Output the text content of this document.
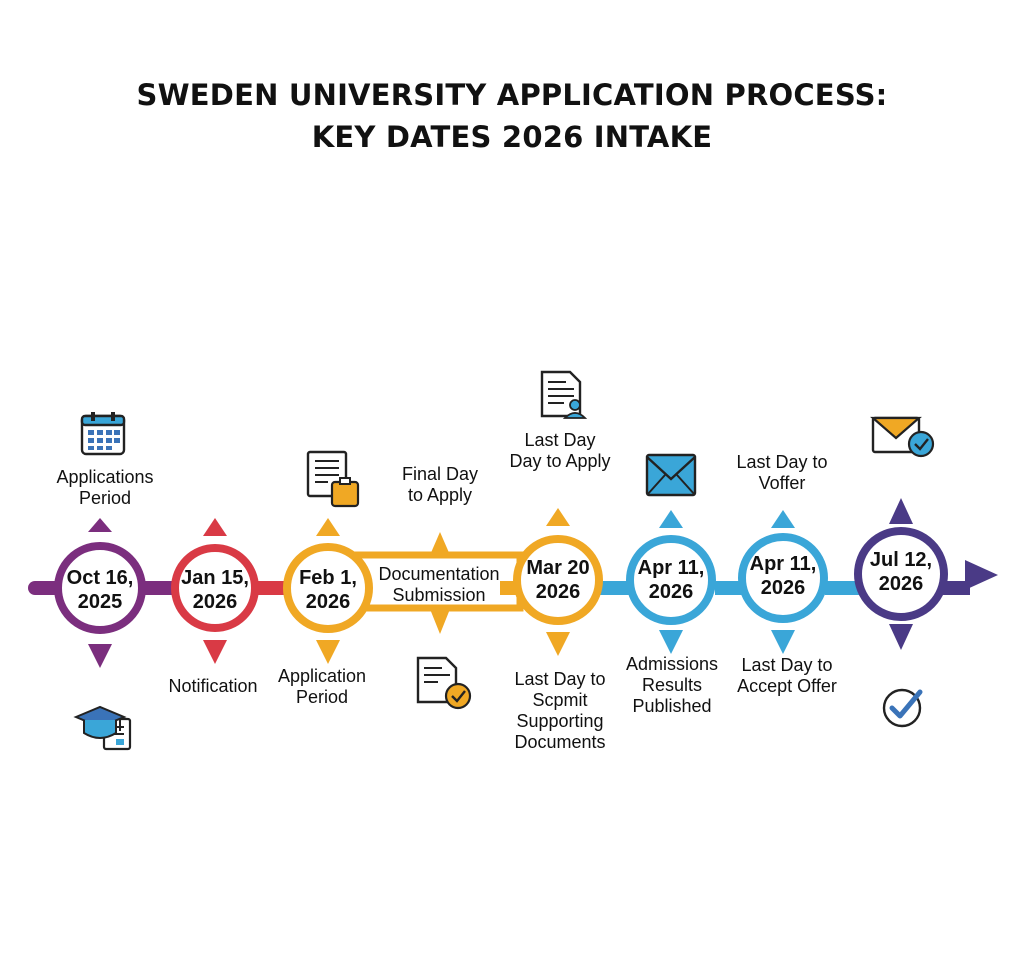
SWEDEN UNIVERSITY APPLICATION PROCESS:
KEY DATES 2026 INTAKE
Oct 16,
2025
Jan 15,
2026
Feb 1,
2026
Mar 20
2026
Apr 11,
2026
Apr 11,
2026
Jul 12,
2026
Documentation
Submission
Applications
Period
Final Day
to Apply
Last Day
Day to Apply	Last Day to
Voffer
Notification	Application
Period
Last Day to
Scpmit
Supporting
Documents
Admissions
Results
Published
Last Day to
Accept Offer
